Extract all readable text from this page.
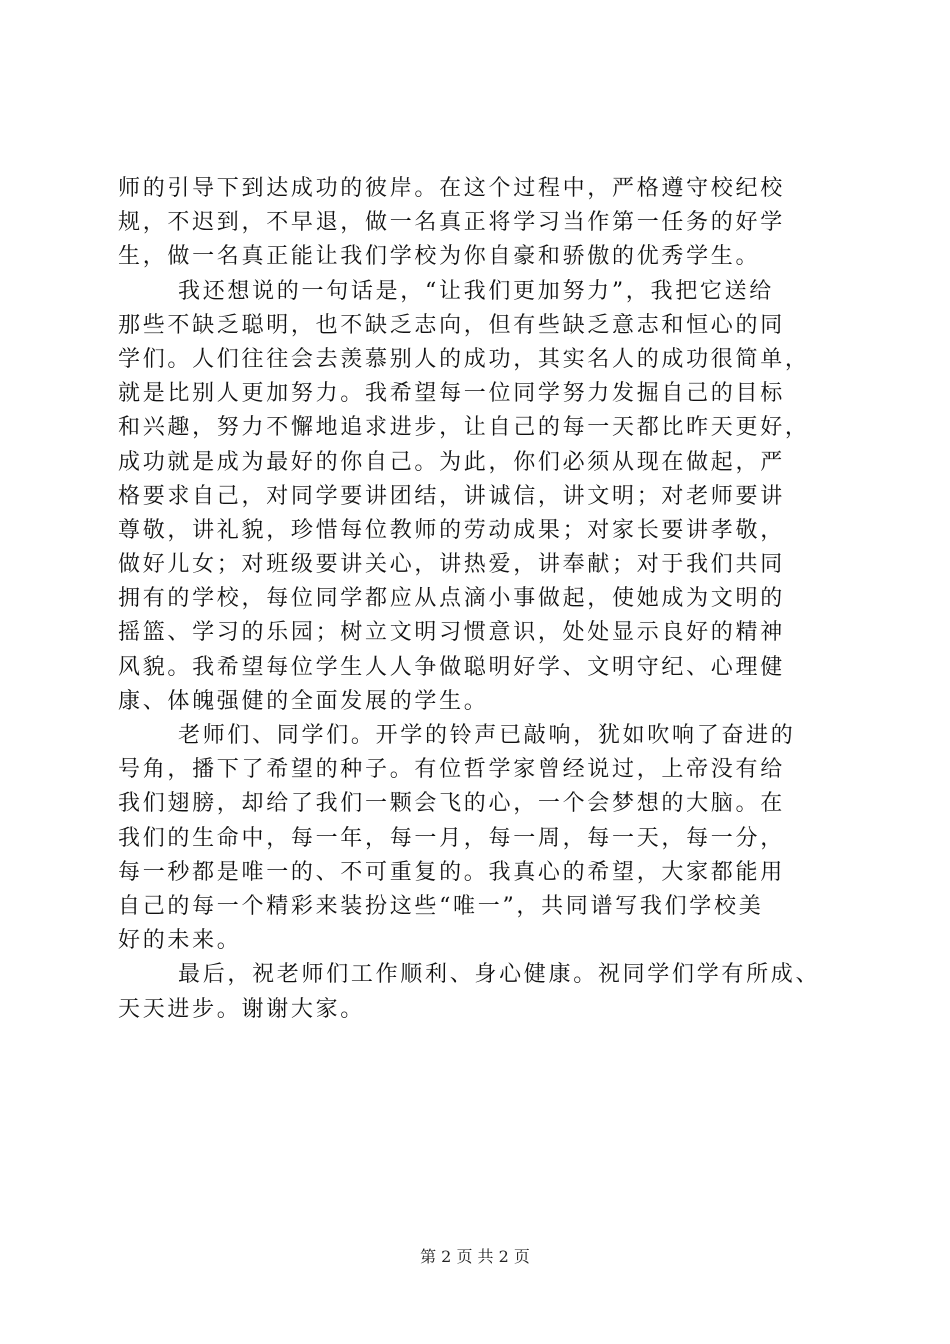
师的引导下到达成功的彼岸。在这个过程中，严格遵守校纪校
规，不迟到，不早退，做一名真正将学习当作第一任务的好学
生，做一名真正能让我们学校为你自豪和骄傲的优秀学生。
我还想说的一句话是，“让我们更加努力”，我把它送给
那些不缺乏聪明，也不缺乏志向，但有些缺乏意志和恒心的同
学们。人们往往会去羡慕别人的成功，其实名人的成功很简单，
就是比别人更加努力。我希望每一位同学努力发掘自己的目标
和兴趣，努力不懈地追求进步，让自己的每一天都比昨天更好，
成功就是成为最好的你自己。为此，你们必须从现在做起，严
格要求自己，对同学要讲团结，讲诚信，讲文明；对老师要讲
尊敬，讲礼貌，珍惜每位教师的劳动成果；对家长要讲孝敬，
做好儿女；对班级要讲关心，讲热爱，讲奉献；对于我们共同
拥有的学校，每位同学都应从点滴小事做起，使她成为文明的
摇篮、学习的乐园；树立文明习惯意识，处处显示良好的精神
风貌。我希望每位学生人人争做聪明好学、文明守纪、心理健
康、体魄强健的全面发展的学生。
老师们、同学们。开学的铃声已敲响，犹如吹响了奋进的
号角，播下了希望的种子。有位哲学家曾经说过，上帝没有给
我们翅膀，却给了我们一颗会飞的心，一个会梦想的大脑。在
我们的生命中，每一年，每一月，每一周，每一天，每一分，
每一秒都是唯一的、不可重复的。我真心的希望，大家都能用
自己的每一个精彩来装扮这些“唯一”，共同谱写我们学校美
好的未来。
最后，祝老师们工作顺利、身心健康。祝同学们学有所成、
天天进步。谢谢大家。
第 2 页 共 2 页
